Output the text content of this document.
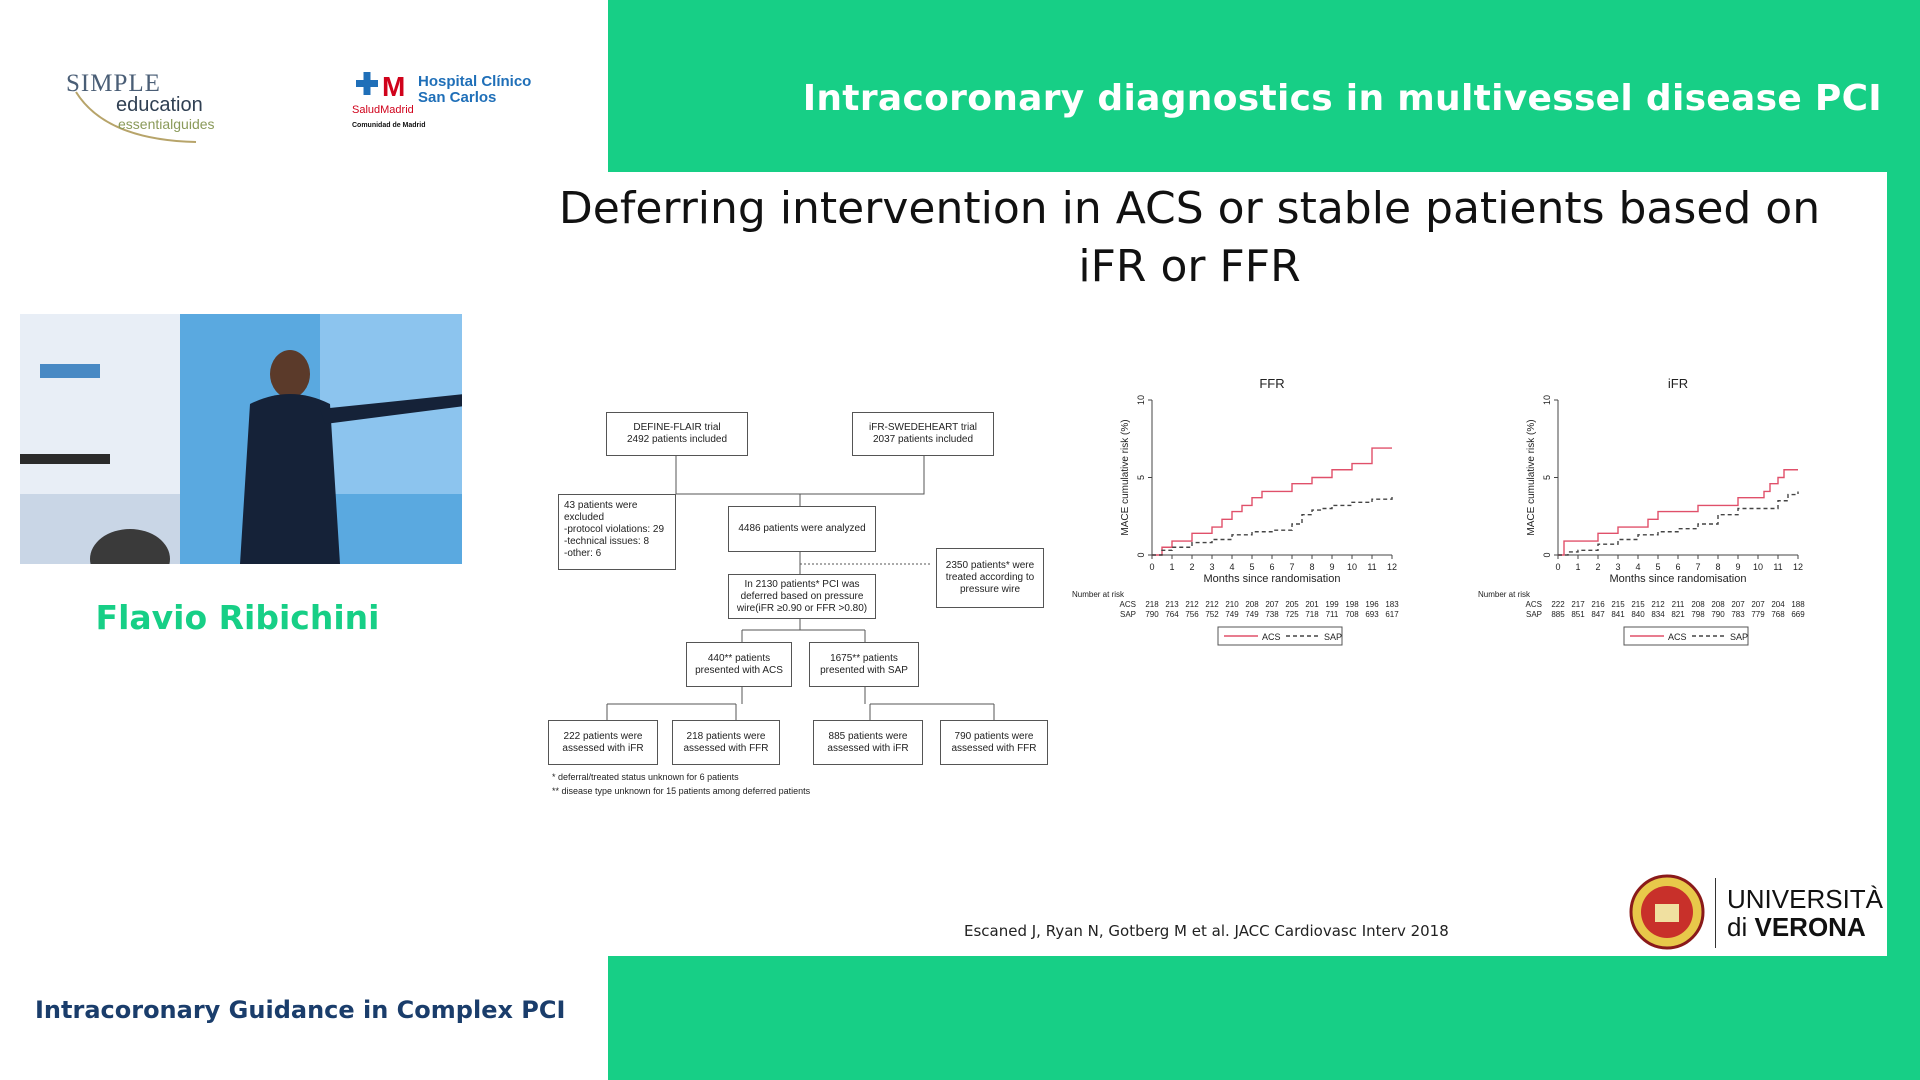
SIMPLE
education
essentialguides
M Hospital Clínico
San Carlos
SaludMadrid
Comunidad de Madrid
Flavio Ribichini
Intracoronary Guidance in Complex PCI
Intracoronary diagnostics in multivessel disease PCI
Deferring intervention in ACS or stable patients based on
iFR or FFR
DEFINE-FLAIR trial
2492 patients included
iFR-SWEDEHEART trial
2037 patients included
43 patients were
excluded
-protocol violations: 29
-technical issues: 8
-other: 6
4486 patients were analyzed
2350 patients* were
treated according to
pressure wire
In 2130 patients* PCI was
deferred based on pressure
wire(iFR ≥0.90 or FFR >0.80)
440** patients
presented with ACS
1675** patients
presented with SAP
222 patients were
assessed with iFR
218 patients were
assessed with FFR
885 patients were
assessed with iFR
790 patients were
assessed with FFR
* deferral/treated status unknown for 6 patients
** disease type unknown for 15 patients among deferred patients
FFR
0
5
10
0 1 2 3 4 5 6 7 8 9 10 11 12
Months since randomisation
MACE cumulative risk (%)
Number at risk
ACS 218 213 212 212 210 208 207 205 201 199 198 196 183
SAP 790 764 756 752 749 749 738 725 718 711 708 693 617
ACS	SAP
iFR
0
5
10
0 1 2 3 4 5 6 7 8 9 10 11 12
Months since randomisation
MACE cumulative risk (%)
Number at risk
ACS 222 217 216 215 215 212 211 208 208 207 207 204 188
SAP 885 851 847 841 840 834 821 798 790 783 779 768 669
ACS	SAP
Escaned J, Ryan N, Gotberg M et al. JACC Cardiovasc Interv 2018
UNIVERSITÀ
di VERONA
